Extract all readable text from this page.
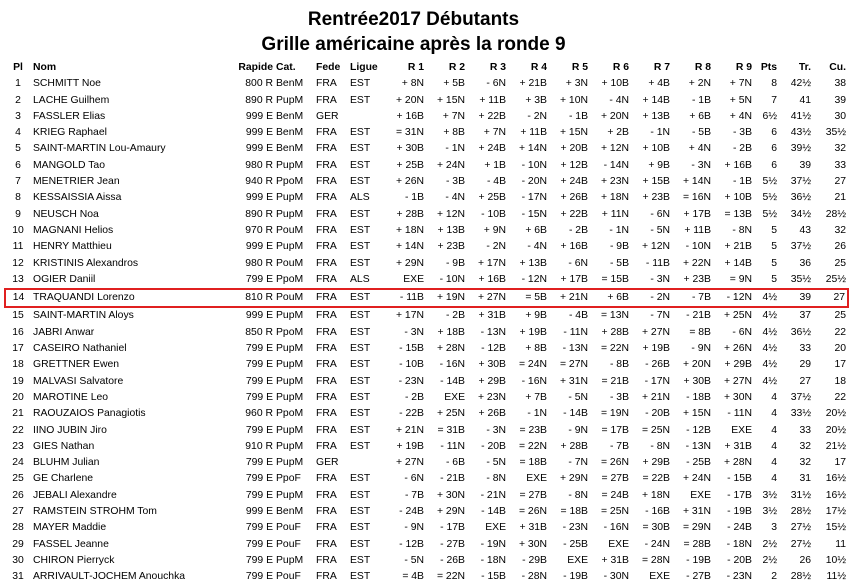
Rentrée2017 Débutants
Grille américaine après la ronde 9
Pl	Nom	Rapide	Cat.	Fede	Ligue	R 1	R 2	R 3	R 4	R 5	R 6	R 7	R 8	R 9	Pts	Tr.	Cu.
1	SCHMITT Noe	800 R	BenM	FRA	EST	+ 8N	+ 5B	- 6N	+ 21B	+ 3N	+ 10B	+ 4B	+ 2N	+ 7N	8	42½	38
2	LACHE Guilhem	890 R	PupM	FRA	EST	+ 20N	+ 15N	+ 11B	+ 3B	+ 10N	- 4N	+ 14B	- 1B	+ 5N	7	41	39
3	FASSLER Elias	999 E	BenM	GER		+ 16B	+ 7N	+ 22B	- 2N	- 1B	+ 20N	+ 13B	+ 6B	+ 4N	6½	41½	30
4	KRIEG Raphael	999 E	BenM	FRA	EST	= 31N	+ 8B	+ 7N	+ 11B	+ 15N	+ 2B	- 1N	- 5B	- 3B	6	43½	35½
5	SAINT-MARTIN Lou-Amaury	999 E	BenM	FRA	EST	+ 30B	- 1N	+ 24B	+ 14N	+ 20B	+ 12N	+ 10B	+ 4N	- 2B	6	39½	32
6	MANGOLD Tao	980 R	PupM	FRA	EST	+ 25B	+ 24N	+ 1B	- 10N	+ 12B	- 14N	+ 9B	- 3N	+ 16B	6	39	33
7	MENETRIER Jean	940 R	PpoM	FRA	EST	+ 26N	- 3B	- 4B	- 20N	+ 24B	+ 23N	+ 15B	+ 14N	- 1B	5½	37½	27
8	KESSAISSIA Aissa	999 E	PupM	FRA	ALS	- 1B	- 4N	+ 25B	- 17N	+ 26B	+ 18N	+ 23B	= 16N	+ 10B	5½	36½	21
9	NEUSCH Noa	890 R	PupM	FRA	EST	+ 28B	+ 12N	- 10B	- 15N	+ 22B	+ 11N	- 6N	+ 17B	= 13B	5½	34½	28½
10	MAGNANI Helios	970 R	PouM	FRA	EST	+ 18N	+ 13B	+ 9N	+ 6B	- 2B	- 1N	- 5N	+ 11B	- 8N	5	43	32
11	HENRY Matthieu	999 E	PupM	FRA	EST	+ 14N	+ 23B	- 2N	- 4N	+ 16B	- 9B	+ 12N	- 10N	+ 21B	5	37½	26
12	KRISTINIS Alexandros	980 R	PouM	FRA	EST	+ 29N	- 9B	+ 17N	+ 13B	- 6N	- 5B	- 11B	+ 22N	+ 14B	5	36	25
13	OGIER Daniil	799 E	PpoM	FRA	ALS	EXE	- 10N	+ 16B	- 12N	+ 17B	= 15B	- 3N	+ 23B	= 9N	5	35½	25½
14	TRAQUANDI Lorenzo	810 R	PouM	FRA	EST	- 11B	+ 19N	+ 27N	= 5B	+ 21N	+ 6B	- 2N	- 7B	- 12N	4½	39	27
15	SAINT-MARTIN Aloys	999 E	PupM	FRA	EST	+ 17N	- 2B	+ 31B	+ 9B	- 4B	= 13N	- 7N	- 21B	+ 25N	4½	37	25
16	JABRI Anwar	850 R	PpoM	FRA	EST	- 3N	+ 18B	- 13N	+ 19B	- 11N	+ 28B	+ 27N	= 8B	- 6N	4½	36½	22
17	CASEIRO Nathaniel	799 E	PupM	FRA	EST	- 15B	+ 28N	- 12B	+ 8B	- 13N	= 22N	+ 19B	- 9N	+ 26N	4½	33	20
18	GRETTNER Ewen	799 E	PupM	FRA	EST	- 10B	- 16N	+ 30B	= 24N	= 27N	- 8B	- 26B	+ 20N	+ 29B	4½	29	17
19	MALVASI Salvatore	799 E	PupM	FRA	EST	- 23N	- 14B	+ 29B	- 16N	+ 31N	= 21B	- 17N	+ 30B	+ 27N	4½	27	18
20	MAROTINE Leo	799 E	PupM	FRA	EST	- 2B	EXE	+ 23N	+ 7B	- 5N	- 3B	+ 21N	- 18B	+ 30N	4	37½	22
21	RAOUZAIOS Panagiotis	960 R	PpoM	FRA	EST	- 22B	+ 25N	+ 26B	- 1N	- 14B	= 19N	- 20B	+ 15N	- 11N	4	33½	20½
22	IINO JUBIN Jiro	799 E	PupM	FRA	EST	+ 21N	= 31B	- 3N	= 23B	- 9N	= 17B	= 25N	- 12B	EXE	4	33	20½
23	GIES Nathan	910 R	PupM	FRA	EST	+ 19B	- 11N	- 20B	= 22N	+ 28B	- 7B	- 8N	- 13N	+ 31B	4	32	21½
24	BLUHM Julian	799 E	PupM	GER		+ 27N	- 6B	- 5N	= 18B	- 7N	= 26N	+ 29B	- 25B	+ 28N	4	32	17
25	GE Charlene	799 E	PpoF	FRA	EST	- 6N	- 21B	- 8N	EXE	+ 29N	= 27B	= 22B	+ 24N	- 15B	4	31	16½
26	JEBALI Alexandre	799 E	PupM	FRA	EST	- 7B	+ 30N	- 21N	= 27B	- 8N	= 24B	+ 18N	EXE	- 17B	3½	31½	16½
27	RAMSTEIN STROHM Tom	999 E	BenM	FRA	EST	- 24B	+ 29N	- 14B	= 26N	= 18B	= 25N	- 16B	+ 31N	- 19B	3½	28½	17½
28	MAYER Maddie	799 E	PouF	FRA	EST	- 9N	- 17B	EXE	+ 31B	- 23N	- 16N	= 30B	= 29N	- 24B	3	27½	15½
29	FASSEL Jeanne	799 E	PouF	FRA	EST	- 12B	- 27B	- 19N	+ 30N	- 25B	EXE	- 24N	= 28B	- 18N	2½	27½	11
30	CHIRON Pierryck	799 E	PupM	FRA	EST	- 5N	- 26B	- 18N	- 29B	EXE	+ 31B	= 28N	- 19B	- 20B	2½	26	10½
31	ARRIVAULT-JOCHEM Anouchka	799 E	PouF	FRA	EST	= 4B	= 22N	- 15B	- 28N	- 19B	- 30N	EXE	- 27B	- 23N	2	28½	11½
